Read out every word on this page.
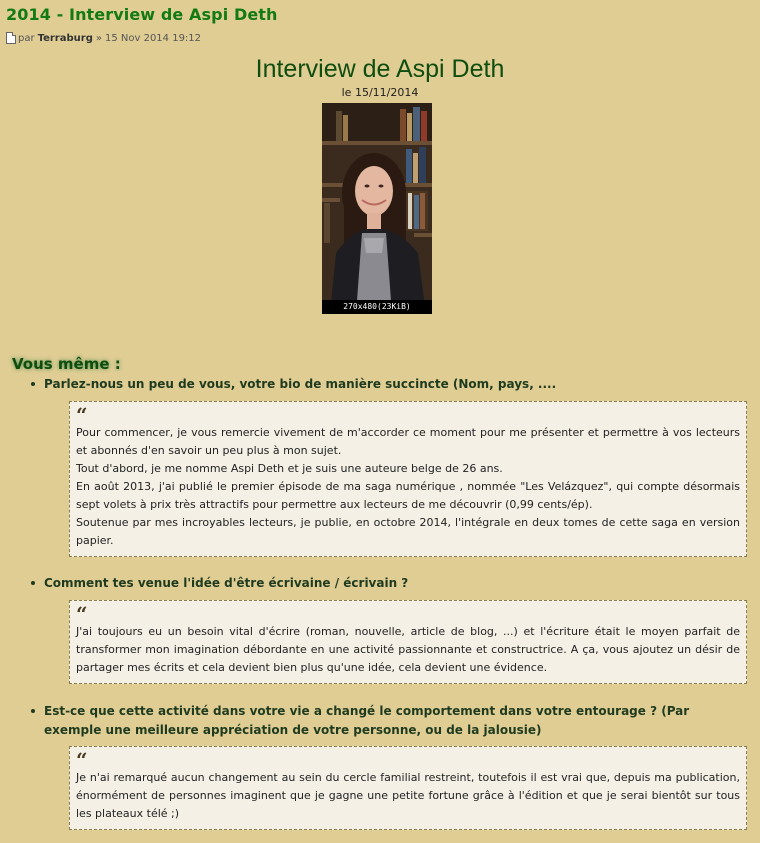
2014 - Interview de Aspi Deth
par Terraburg » 15 Nov 2014 19:12
Interview de Aspi Deth
le 15/11/2014
270x480(23KiB)
Vous même :
Parlez-nous un peu de vous, votre bio de manière succincte (Nom, pays, ....
“
Pour commencer, je vous remercie vivement de m'accorder ce moment pour me présenter et permettre à vos lecteurs et abonnés d'en savoir un peu plus à mon sujet.
Tout d'abord, je me nomme Aspi Deth et je suis une auteure belge de 26 ans.
En août 2013, j'ai publié le premier épisode de ma saga numérique , nommée "Les Velázquez", qui compte désormais sept volets à prix très attractifs pour permettre aux lecteurs de me découvrir (0,99 cents/ép).
Soutenue par mes incroyables lecteurs, je publie, en octobre 2014, l'intégrale en deux tomes de cette saga en version papier.
Comment tes venue l'idée d'être écrivaine / écrivain ?
“
J'ai toujours eu un besoin vital d'écrire (roman, nouvelle, article de blog, ...) et l'écriture était le moyen parfait de transformer mon imagination débordante en une activité passionnante et constructrice. A ça, vous ajoutez un désir de partager mes écrits et cela devient bien plus qu'une idée, cela devient une évidence.
Est-ce que cette activité dans votre vie a changé le comportement dans votre entourage ? (Par exemple une meilleure appréciation de votre personne, ou de la jalousie)
“
Je n'ai remarqué aucun changement au sein du cercle familial restreint, toutefois il est vrai que, depuis ma publication, énormément de personnes imaginent que je gagne une petite fortune grâce à l'édition et que je serai bientôt sur tous les plateaux télé ;)
